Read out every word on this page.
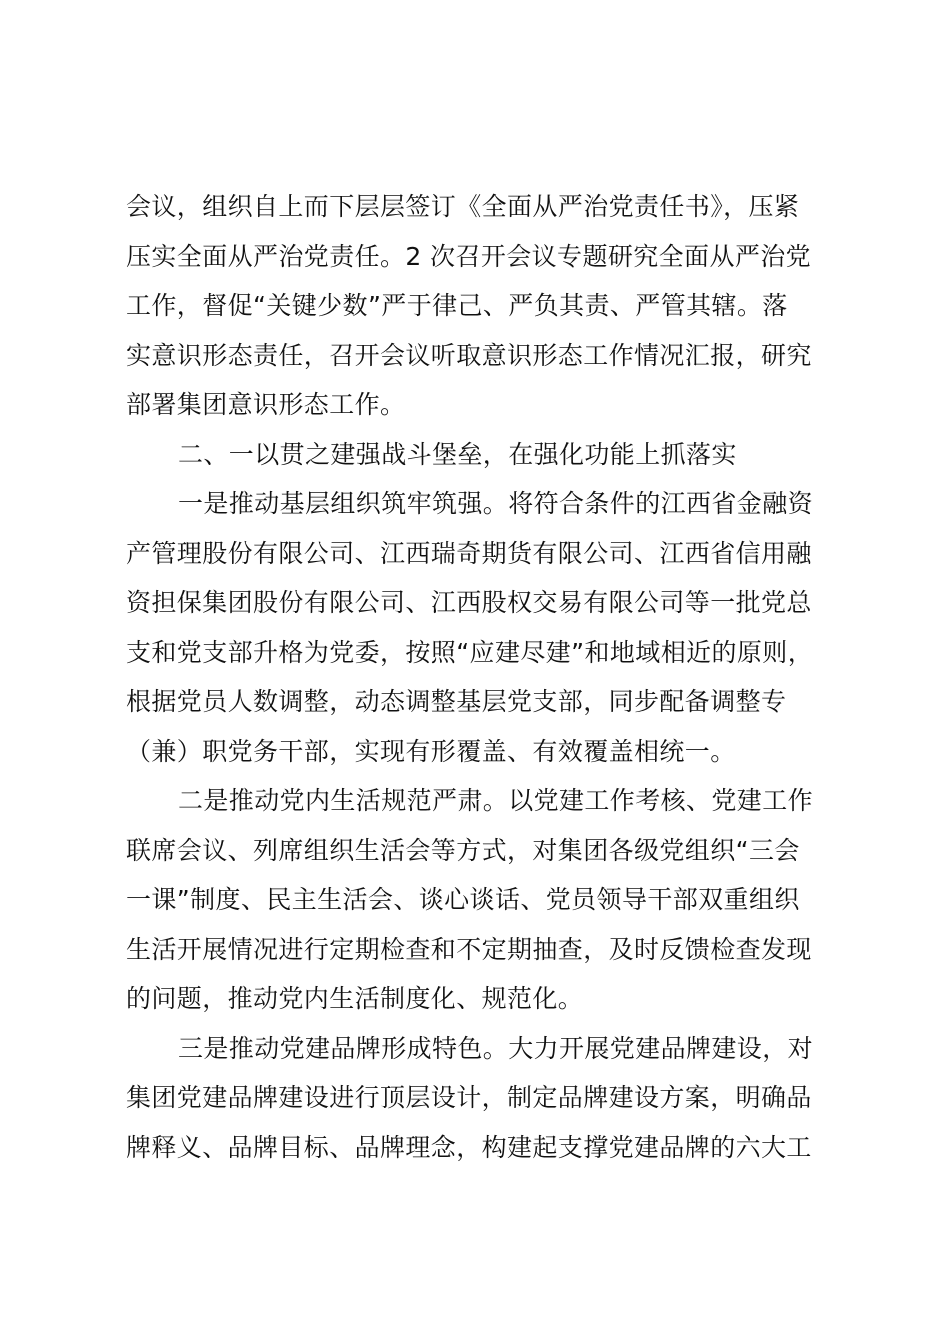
会议，组织自上而下层层签订《全面从严治党责任书》，压紧
压实全面从严治党责任。2 次召开会议专题研究全面从严治党
工作，督促“关键少数”严于律己、严负其责、严管其辖。落
实意识形态责任，召开会议听取意识形态工作情况汇报，研究
部署集团意识形态工作。
二、一以贯之建强战斗堡垒，在强化功能上抓落实
一是推动基层组织筑牢筑强。将符合条件的江西省金融资
产管理股份有限公司、江西瑞奇期货有限公司、江西省信用融
资担保集团股份有限公司、江西股权交易有限公司等一批党总
支和党支部升格为党委，按照“应建尽建”和地域相近的原则，
根据党员人数调整，动态调整基层党支部，同步配备调整专
（兼）职党务干部，实现有形覆盖、有效覆盖相统一。
二是推动党内生活规范严肃。以党建工作考核、党建工作
联席会议、列席组织生活会等方式，对集团各级党组织“三会
一课”制度、民主生活会、谈心谈话、党员领导干部双重组织
生活开展情况进行定期检查和不定期抽查，及时反馈检查发现
的问题，推动党内生活制度化、规范化。
三是推动党建品牌形成特色。大力开展党建品牌建设，对
集团党建品牌建设进行顶层设计，制定品牌建设方案，明确品
牌释义、品牌目标、品牌理念，构建起支撑党建品牌的六大工
